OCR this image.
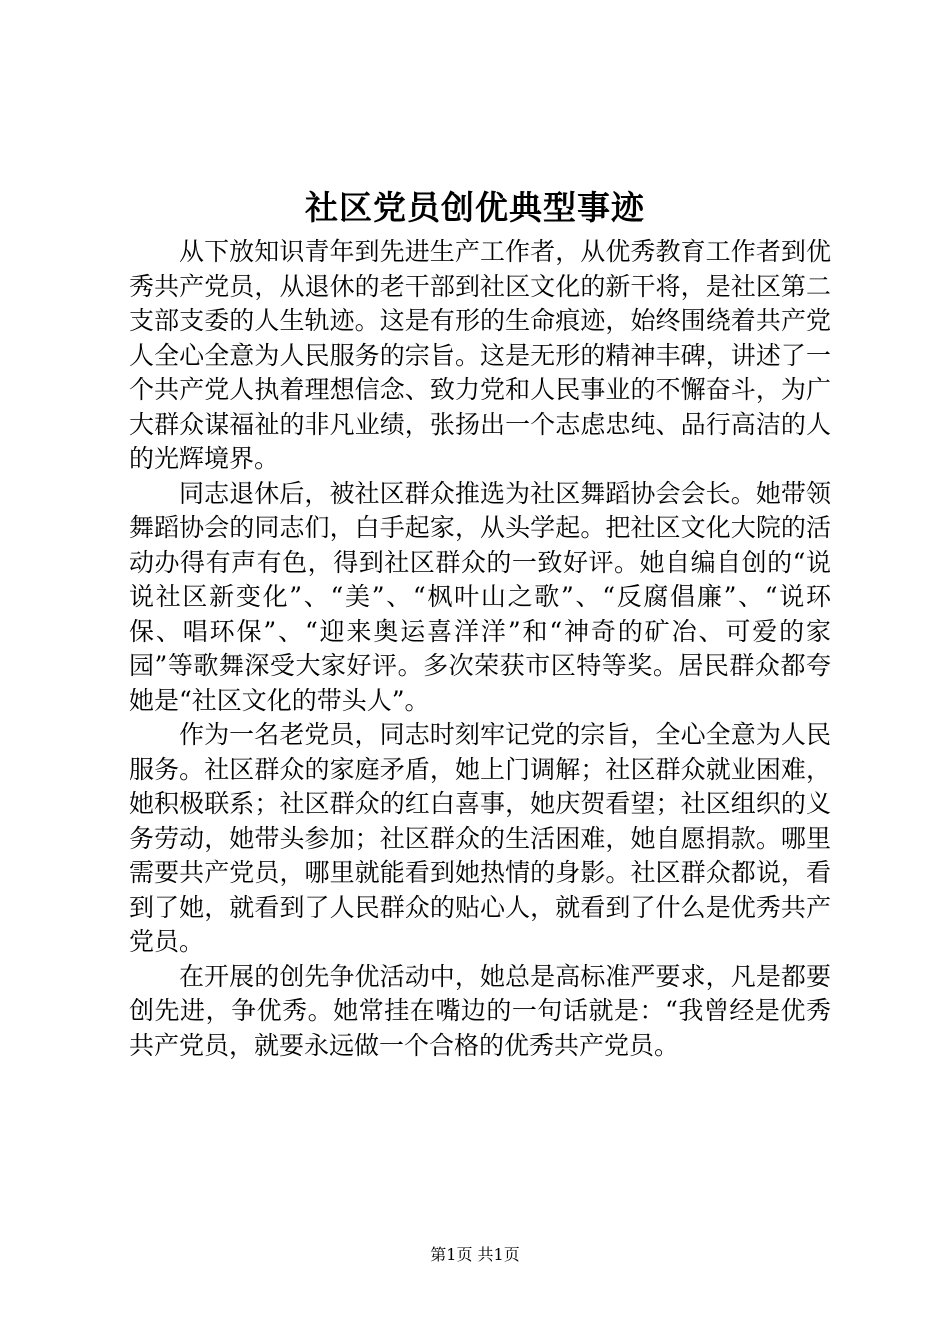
社区党员创优典型事迹

从下放知识青年到先进生产工作者，从优秀教育工作者到优秀共产党员，从退休的老干部到社区文化的新干将，是社区第二支部支委的人生轨迹。这是有形的生命痕迹，始终围绕着共产党人全心全意为人民服务的宗旨。这是无形的精神丰碑，讲述了一个共产党人执着理想信念、致力党和人民事业的不懈奋斗，为广大群众谋福祉的非凡业绩，张扬出一个志虑忠纯、品行高洁的人的光辉境界。

同志退休后，被社区群众推选为社区舞蹈协会会长。她带领舞蹈协会的同志们，白手起家，从头学起。把社区文化大院的活动办得有声有色，得到社区群众的一致好评。她自编自创的“说说社区新变化”、“美”、“枫叶山之歌”、“反腐倡廉”、“说环保、唱环保”、“迎来奥运喜洋洋”和“神奇的矿冶、可爱的家园”等歌舞深受大家好评。多次荣获市区特等奖。居民群众都夸她是“社区文化的带头人”。

作为一名老党员，同志时刻牢记党的宗旨，全心全意为人民服务。社区群众的家庭矛盾，她上门调解；社区群众就业困难，她积极联系；社区群众的红白喜事，她庆贺看望；社区组织的义务劳动，她带头参加；社区群众的生活困难，她自愿捐款。哪里需要共产党员，哪里就能看到她热情的身影。社区群众都说，看到了她，就看到了人民群众的贴心人，就看到了什么是优秀共产党员。

在开展的创先争优活动中，她总是高标准严要求，凡是都要创先进，争优秀。她常挂在嘴边的一句话就是：“我曾经是优秀共产党员，就要永远做一个合格的优秀共产党员。

第1页 共1页
